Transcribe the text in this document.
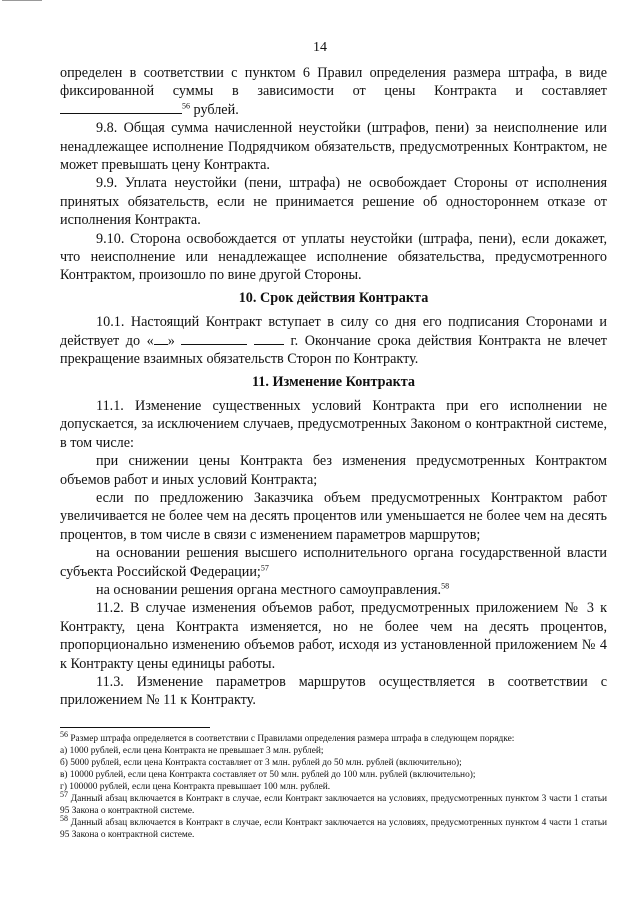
14

определен в соответствии с пунктом 6 Правил определения размера штрафа, в виде фиксированной суммы в зависимости от цены Контракта и составляет$^{56}$ рублей.

9.8. Общая сумма начисленной неустойки (штрафов, пени) за неисполнение или ненадлежащее исполнение Подрядчиком обязательств, предусмотренных Контрактом, не может превышать цену Контракта.

9.9. Уплата неустойки (пени, штрафа) не освобождает Стороны от исполнения принятых обязательств, если не принимается решение об одностороннем отказе от исполнения Контракта.

9.10. Сторона освобождается от уплаты неустойки (штрафа, пени), если докажет, что неисполнение или ненадлежащее исполнение обязательства, предусмотренного Контрактом, произошло по вине другой Стороны.

10. Срок действия Контракта

10.1. Настоящий Контракт вступает в силу со дня его подписания Сторонами и действует до « »	г. Окончание срока действия Контракта не влечет прекращение взаимных обязательств Сторон по Контракту.

11. Изменение Контракта

11.1. Изменение существенных условий Контракта при его исполнении не допускается, за исключением случаев, предусмотренных Законом о контрактной системе, в том числе:

при снижении цены Контракта без изменения предусмотренных Контрактом объемов работ и иных условий Контракта;

если по предложению Заказчика объем предусмотренных Контрактом работ увеличивается не более чем на десять процентов или уменьшается не более чем на десять процентов, в том числе в связи с изменением параметров маршрутов;

на основании решения высшего исполнительного органа государственной власти субъекта Российской Федерации;$^{57}$

на основании решения органа местного самоуправления.$^{58}$

11.2. В случае изменения объемов работ, предусмотренных приложением № 3 к Контракту, цена Контракта изменяется, но не более чем на десять процентов, пропорционально изменению объемов работ, исходя из установленной приложением № 4 к Контракту цены единицы работы.

11.3. Изменение параметров маршрутов осуществляется в соответствии с приложением № 11 к Контракту.

$^{56}$ Размер штрафа определяется в соответствии с Правилами определения размера штрафа в следующем порядке:

а) 1000 рублей, если цена Контракта не превышает 3 млн. рублей;

б) 5000 рублей, если цена Контракта составляет от 3 млн. рублей до 50 млн. рублей (включительно);

в) 10000 рублей, если цена Контракта составляет от 50 млн. рублей до 100 млн. рублей (включительно);

г) 100000 рублей, если цена Контракта превышает 100 млн. рублей.

$^{57}$ Данный абзац включается в Контракт в случае, если Контракт заключается на условиях, предусмотренных пунктом 3 части 1 статьи 95 Закона о контрактной системе.

$^{58}$ Данный абзац включается в Контракт в случае, если Контракт заключается на условиях, предусмотренных пунктом 4 части 1 статьи 95 Закона о контрактной системе.
